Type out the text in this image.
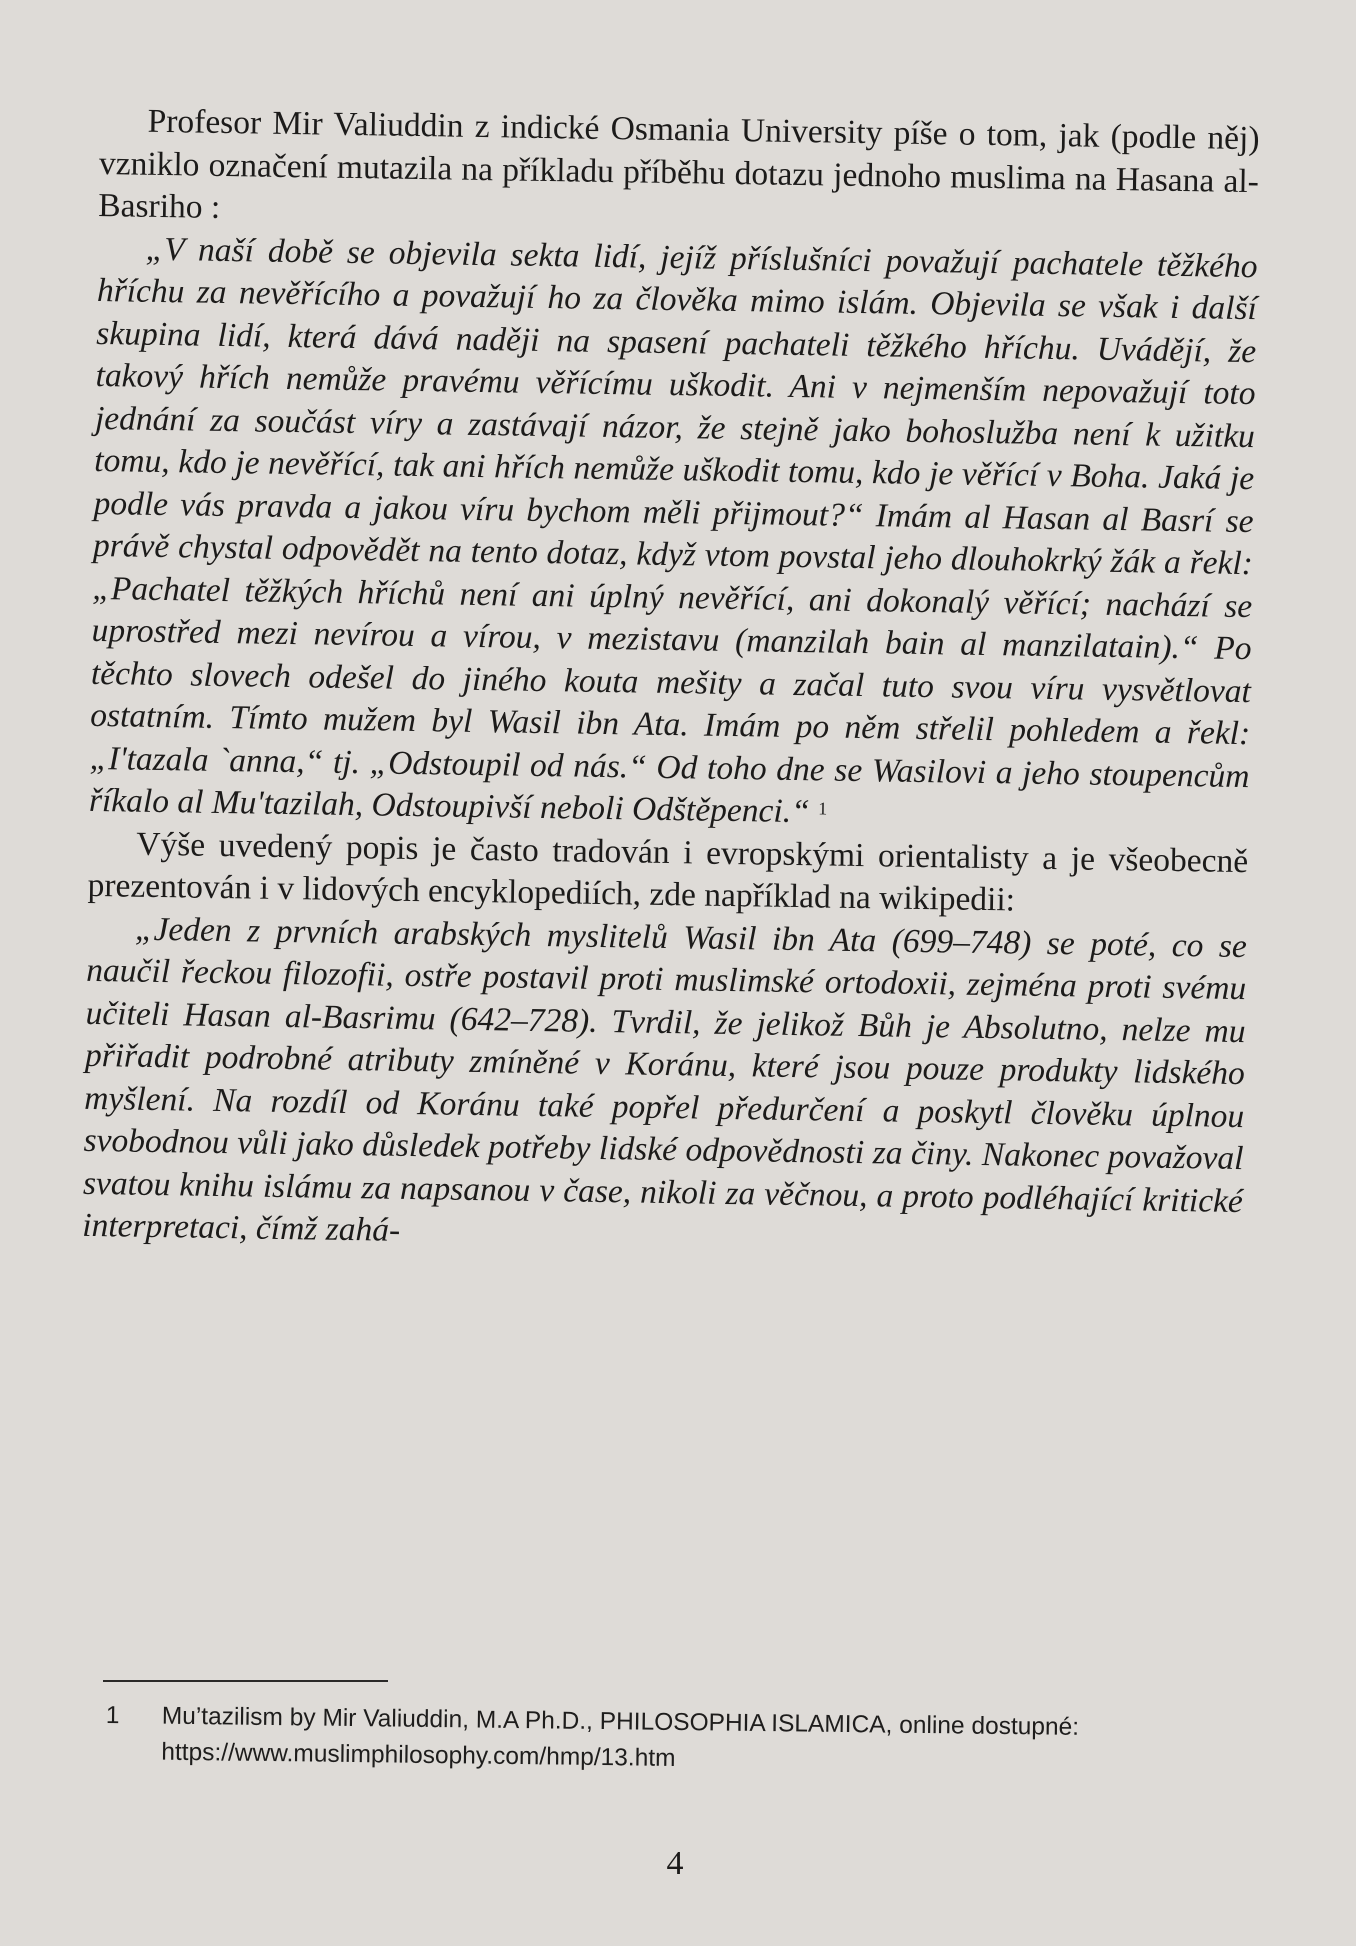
Profesor Mir Valiuddin z indické Osmania University píše o tom, jak (podle něj) vzniklo označení mutazila na příkladu příběhu dotazu jednoho muslima na Hasana al-Basriho :

„V naší době se objevila sekta lidí, jejíž příslušníci považují pachatele těžkého hříchu za nevěřícího a považují ho za člověka mimo islám. Objevila se však i další skupina lidí, která dává naději na spasení pachateli těžkého hříchu. Uvádějí, že takový hřích nemůže pravému věřícímu uškodit. Ani v nejmenším nepovažují toto jednání za součást víry a zastávají názor, že stejně jako bohoslužba není k užitku tomu, kdo je nevěřící, tak ani hřích nemůže uškodit tomu, kdo je věřící v Boha. Jaká je podle vás pravda a jakou víru bychom měli přijmout?“ Imám al Hasan al Basrí se právě chystal odpovědět na tento dotaz, když vtom povstal jeho dlouhokrký žák a řekl: „Pachatel těžkých hříchů není ani úplný nevěřící, ani dokonalý věřící; nachází se uprostřed mezi nevírou a vírou, v mezistavu (manzilah bain al manzilatain).“ Po těchto slovech odešel do jiného kouta mešity a začal tuto svou víru vysvětlovat ostatním. Tímto mužem byl Wasil ibn Ata. Imám po něm střelil pohledem a řekl: „I'tazala `anna,“ tj. „Odstoupil od nás.“ Od toho dne se Wasilovi a jeho stoupencům říkalo al Mu'tazilah, Odstoupivší neboli Odštěpenci.“ $^1$

Výše uvedený popis je často tradován i evropskými orientalisty a je všeobecně prezentován i v lidových encyklopediích, zde například na wikipedii:

„Jeden z prvních arabských myslitelů Wasil ibn Ata (699–748) se poté, co se naučil řeckou filozofii, ostře postavil proti muslimské ortodoxii, zejména proti svému učiteli Hasan al-Basrimu (642–728). Tvrdil, že jelikož Bůh je Absolutno, nelze mu přiřadit podrobné atributy zmíněné v Koránu, které jsou pouze produkty lidského myšlení. Na rozdíl od Koránu také popřel předurčení a poskytl člověku úplnou svobodnou vůli jako důsledek potřeby lidské odpovědnosti za činy. Nakonec považoval svatou knihu islámu za napsanou v čase, nikoli za věčnou, a proto podléhající kritické interpretaci, čímž zahá-

1 Mu’tazilism by Mir Valiuddin, M.A Ph.D., PHILOSOPHIA ISLAMICA, online dostupné: https://www.muslimphilosophy.com/hmp/13.htm
4
